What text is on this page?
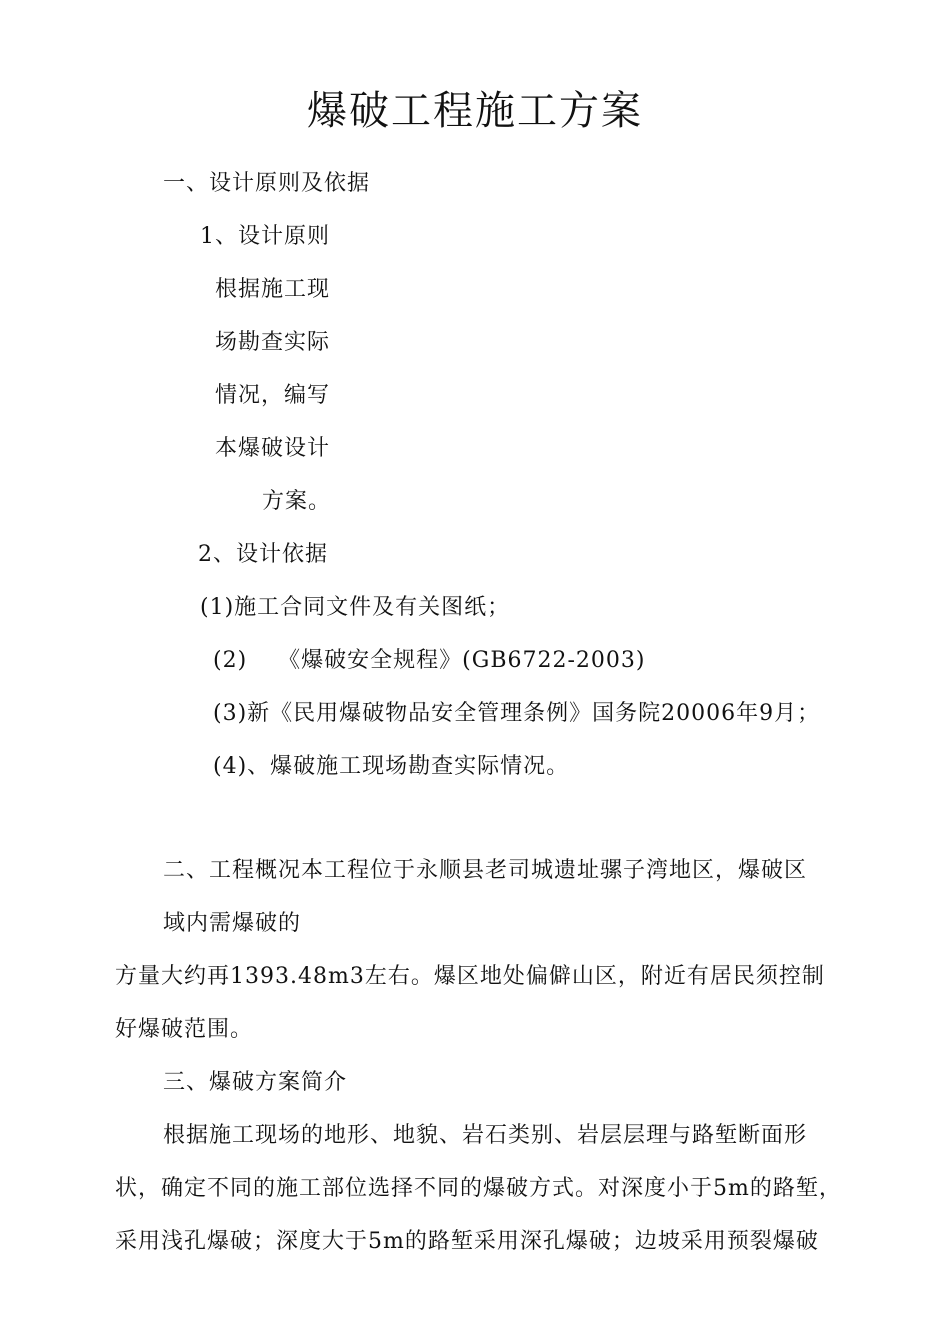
爆破工程施工方案
一、设计原则及依据
1、设计原则
根据施工现
场勘查实际
情况，编写
本爆破设计
方案。
2、设计依据
(1)施工合同文件及有关图纸；
(2)　 《爆破安全规程》(GB6722-2003)
(3)新《民用爆破物品安全管理条例》国务院20006年9月；
(4)、爆破施工现场勘查实际情况。
二、工程概况本工程位于永顺县老司城遗址骡子湾地区，爆破区
域内需爆破的
方量大约再1393.48m3左右。爆区地处偏僻山区，附近有居民须控制
好爆破范围。
三、爆破方案简介
根据施工现场的地形、地貌、岩石类别、岩层层理与路堑断面形
状，确定不同的施工部位选择不同的爆破方式。对深度小于5m的路堑，
采用浅孔爆破；深度大于5m的路堑采用深孔爆破；边坡采用预裂爆破
